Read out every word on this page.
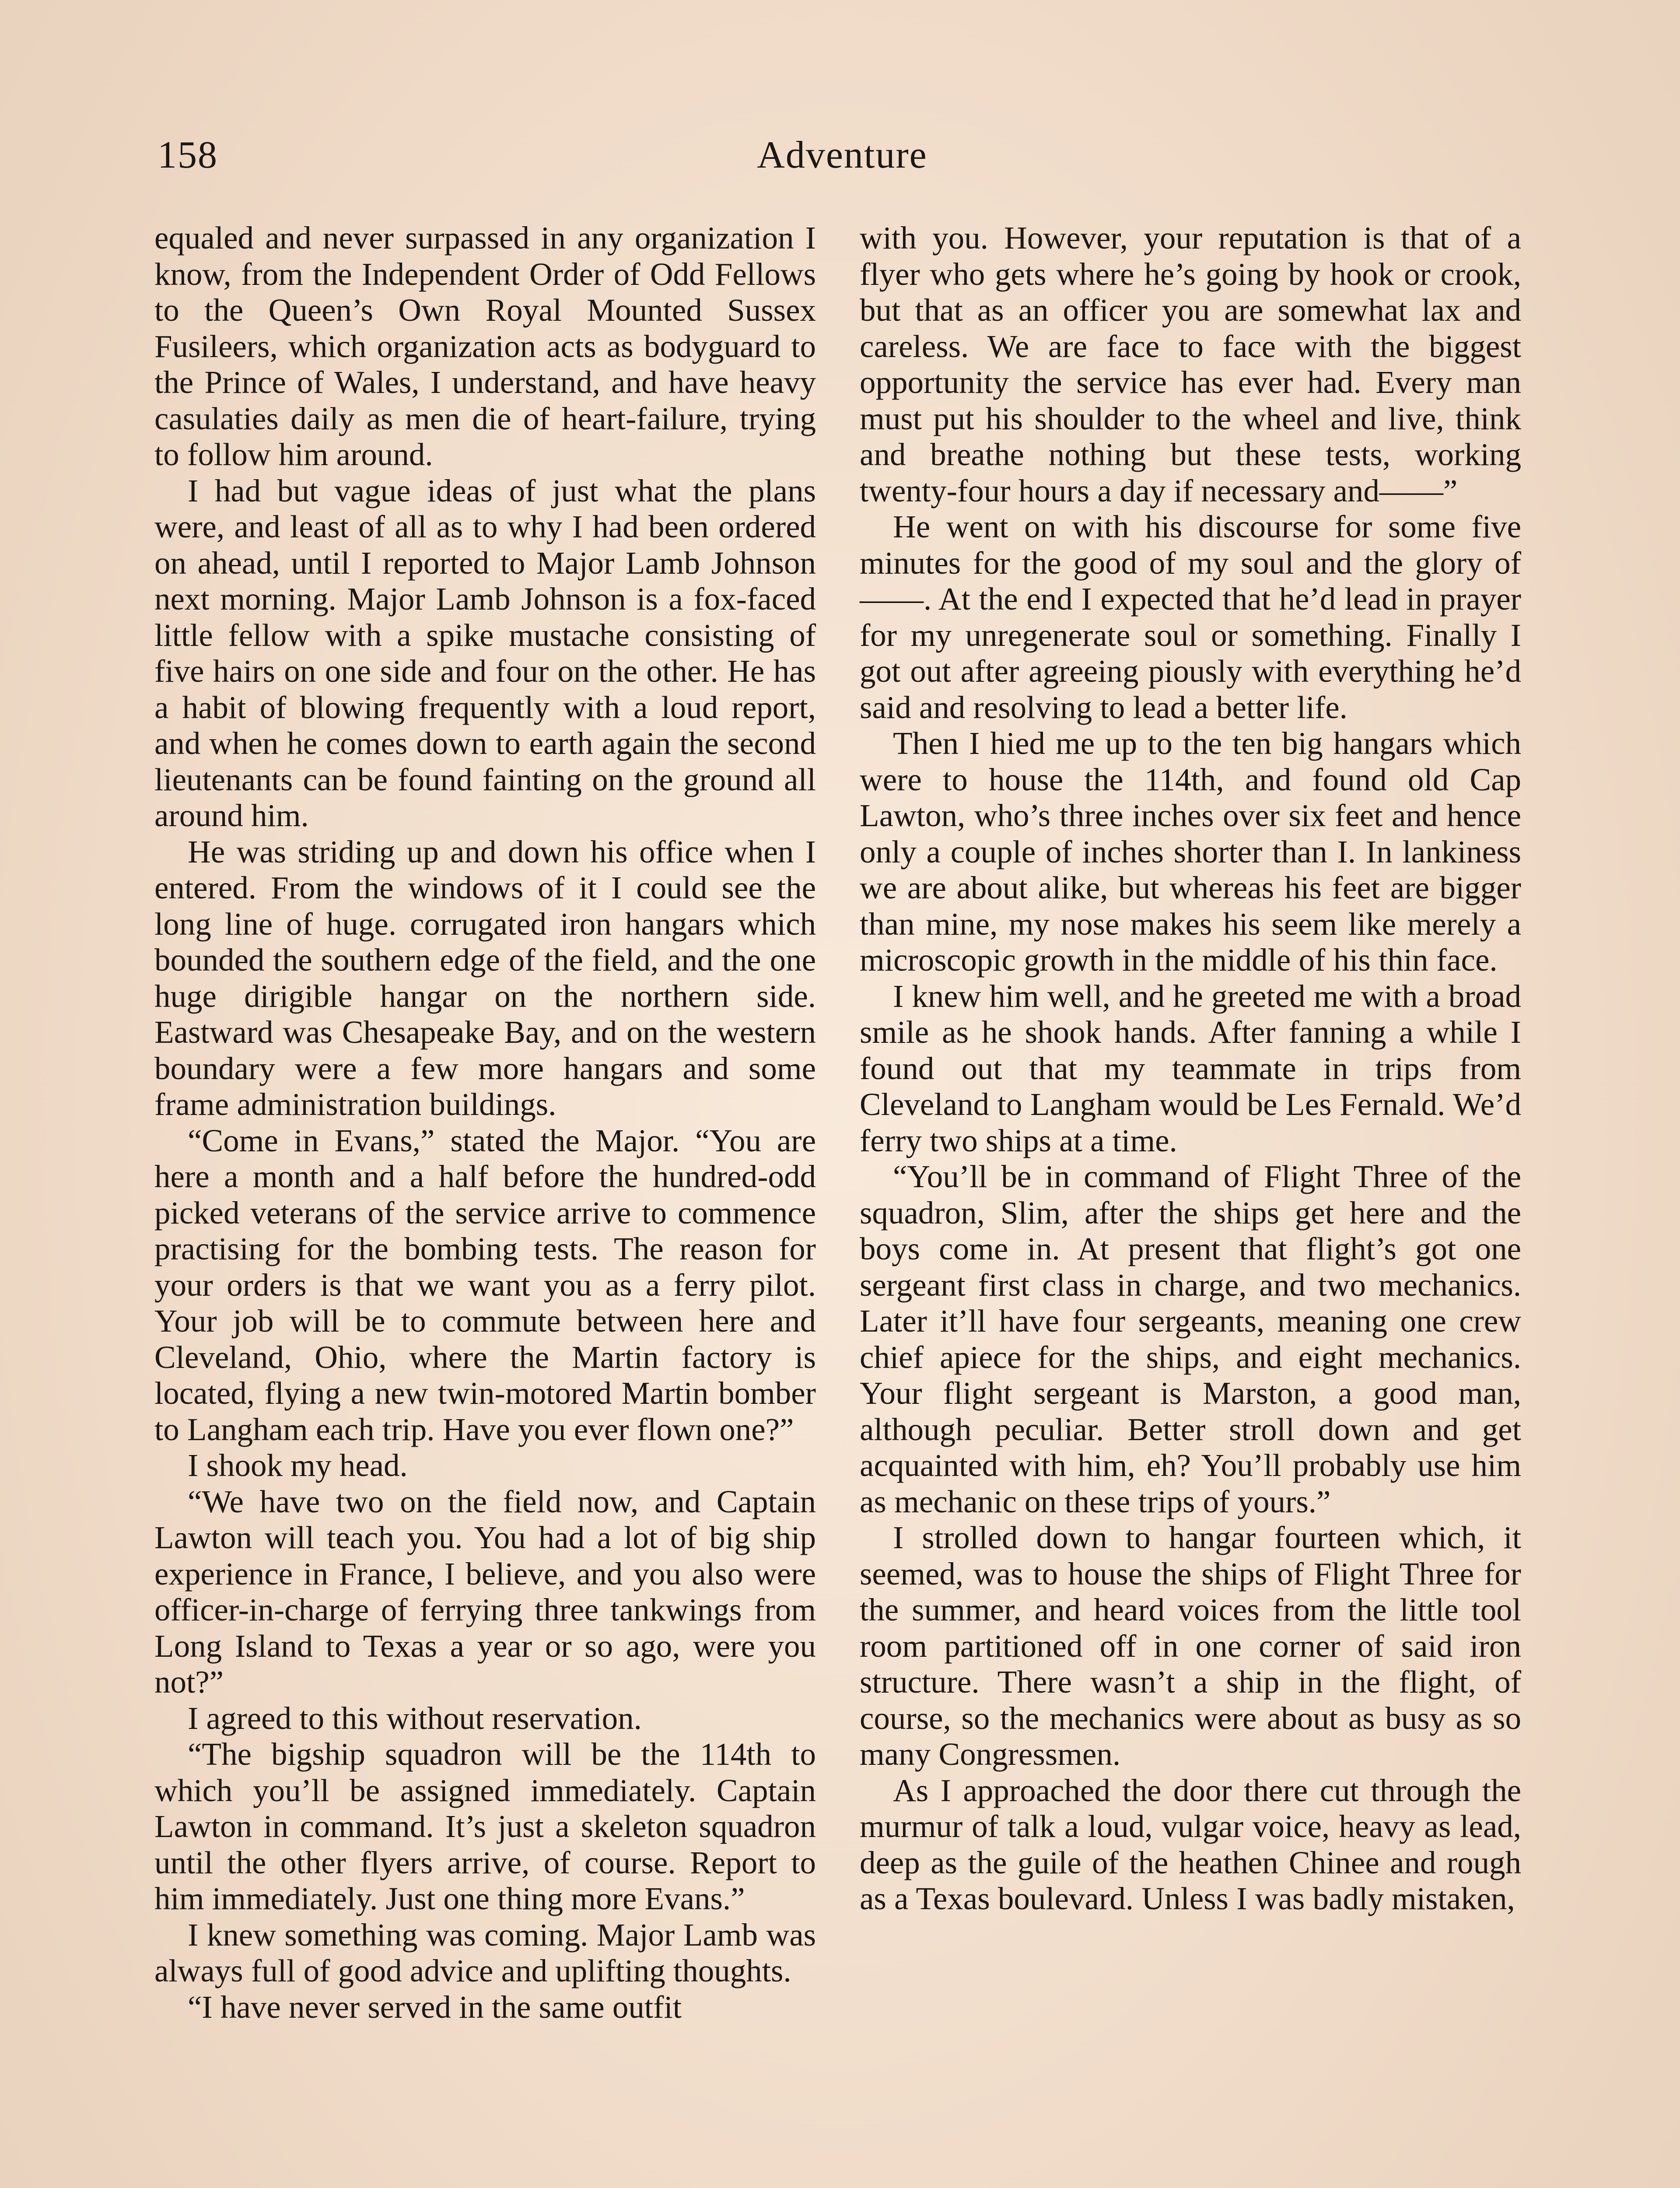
158	Adventure

equaled and never surpassed in any organization I know, from the Independent Order of Odd Fellows to the Queen’s Own Royal Mounted Sussex Fusileers, which organization acts as bodyguard to the Prince of Wales, I understand, and have heavy casulaties daily as men die of heart-failure, trying to follow him around.

I had but vague ideas of just what the plans were, and least of all as to why I had been ordered on ahead, until I reported to Major Lamb Johnson next morning. Major Lamb Johnson is a fox-faced little fellow with a spike mustache consisting of five hairs on one side and four on the other. He has a habit of blowing frequently with a loud report, and when he comes down to earth again the second lieutenants can be found fainting on the ground all around him.

He was striding up and down his office when I entered. From the windows of it I could see the long line of huge. corrugated iron hangars which bounded the southern edge of the field, and the one huge dirigible hangar on the northern side. Eastward was Chesapeake Bay, and on the western boundary were a few more hangars and some frame administration buildings.

“Come in Evans,” stated the Major. “You are here a month and a half before the hundred-odd picked veterans of the service arrive to commence practising for the bombing tests. The reason for your orders is that we want you as a ferry pilot. Your job will be to commute between here and Cleveland, Ohio, where the Martin factory is located, flying a new twin-motored Martin bomber to Langham each trip. Have you ever flown one?”

I shook my head.

“We have two on the field now, and Captain Lawton will teach you. You had a lot of big ship experience in France, I believe, and you also were officer-in-charge of ferrying three tankwings from Long Island to Texas a year or so ago, were you not?”

I agreed to this without reservation.

“The bigship squadron will be the 114th to which you’ll be assigned immediately. Captain Lawton in command. It’s just a skeleton squadron until the other flyers arrive, of course. Report to him immediately. Just one thing more Evans.”

I knew something was coming. Major Lamb was always full of good advice and uplifting thoughts.

“I have never served in the same outfit

with you. However, your reputation is that of a flyer who gets where he’s going by hook or crook, but that as an officer you are somewhat lax and careless. We are face to face with the biggest opportunity the service has ever had. Every man must put his shoulder to the wheel and live, think and breathe nothing but these tests, working twenty-four hours a day if necessary and——”

He went on with his discourse for some five minutes for the good of my soul and the glory of ——. At the end I expected that he’d lead in prayer for my unregenerate soul or something. Finally I got out after agreeing piously with everything he’d said and resolving to lead a better life.

Then I hied me up to the ten big hangars which were to house the 114th, and found old Cap Lawton, who’s three inches over six feet and hence only a couple of inches shorter than I. In lankiness we are about alike, but whereas his feet are bigger than mine, my nose makes his seem like merely a microscopic growth in the middle of his thin face.

I knew him well, and he greeted me with a broad smile as he shook hands. After fanning a while I found out that my teammate in trips from Cleveland to Langham would be Les Fernald. We’d ferry two ships at a time.

“You’ll be in command of Flight Three of the squadron, Slim, after the ships get here and the boys come in. At present that flight’s got one sergeant first class in charge, and two mechanics. Later it’ll have four sergeants, meaning one crew chief apiece for the ships, and eight mechanics. Your flight sergeant is Marston, a good man, although peculiar. Better stroll down and get acquainted with him, eh? You’ll probably use him as mechanic on these trips of yours.”

I strolled down to hangar fourteen which, it seemed, was to house the ships of Flight Three for the summer, and heard voices from the little tool room partitioned off in one corner of said iron structure. There wasn’t a ship in the flight, of course, so the mechanics were about as busy as so many Congressmen.

As I approached the door there cut through the murmur of talk a loud, vulgar voice, heavy as lead, deep as the guile of the heathen Chinee and rough as a Texas boulevard. Unless I was badly mistaken,
